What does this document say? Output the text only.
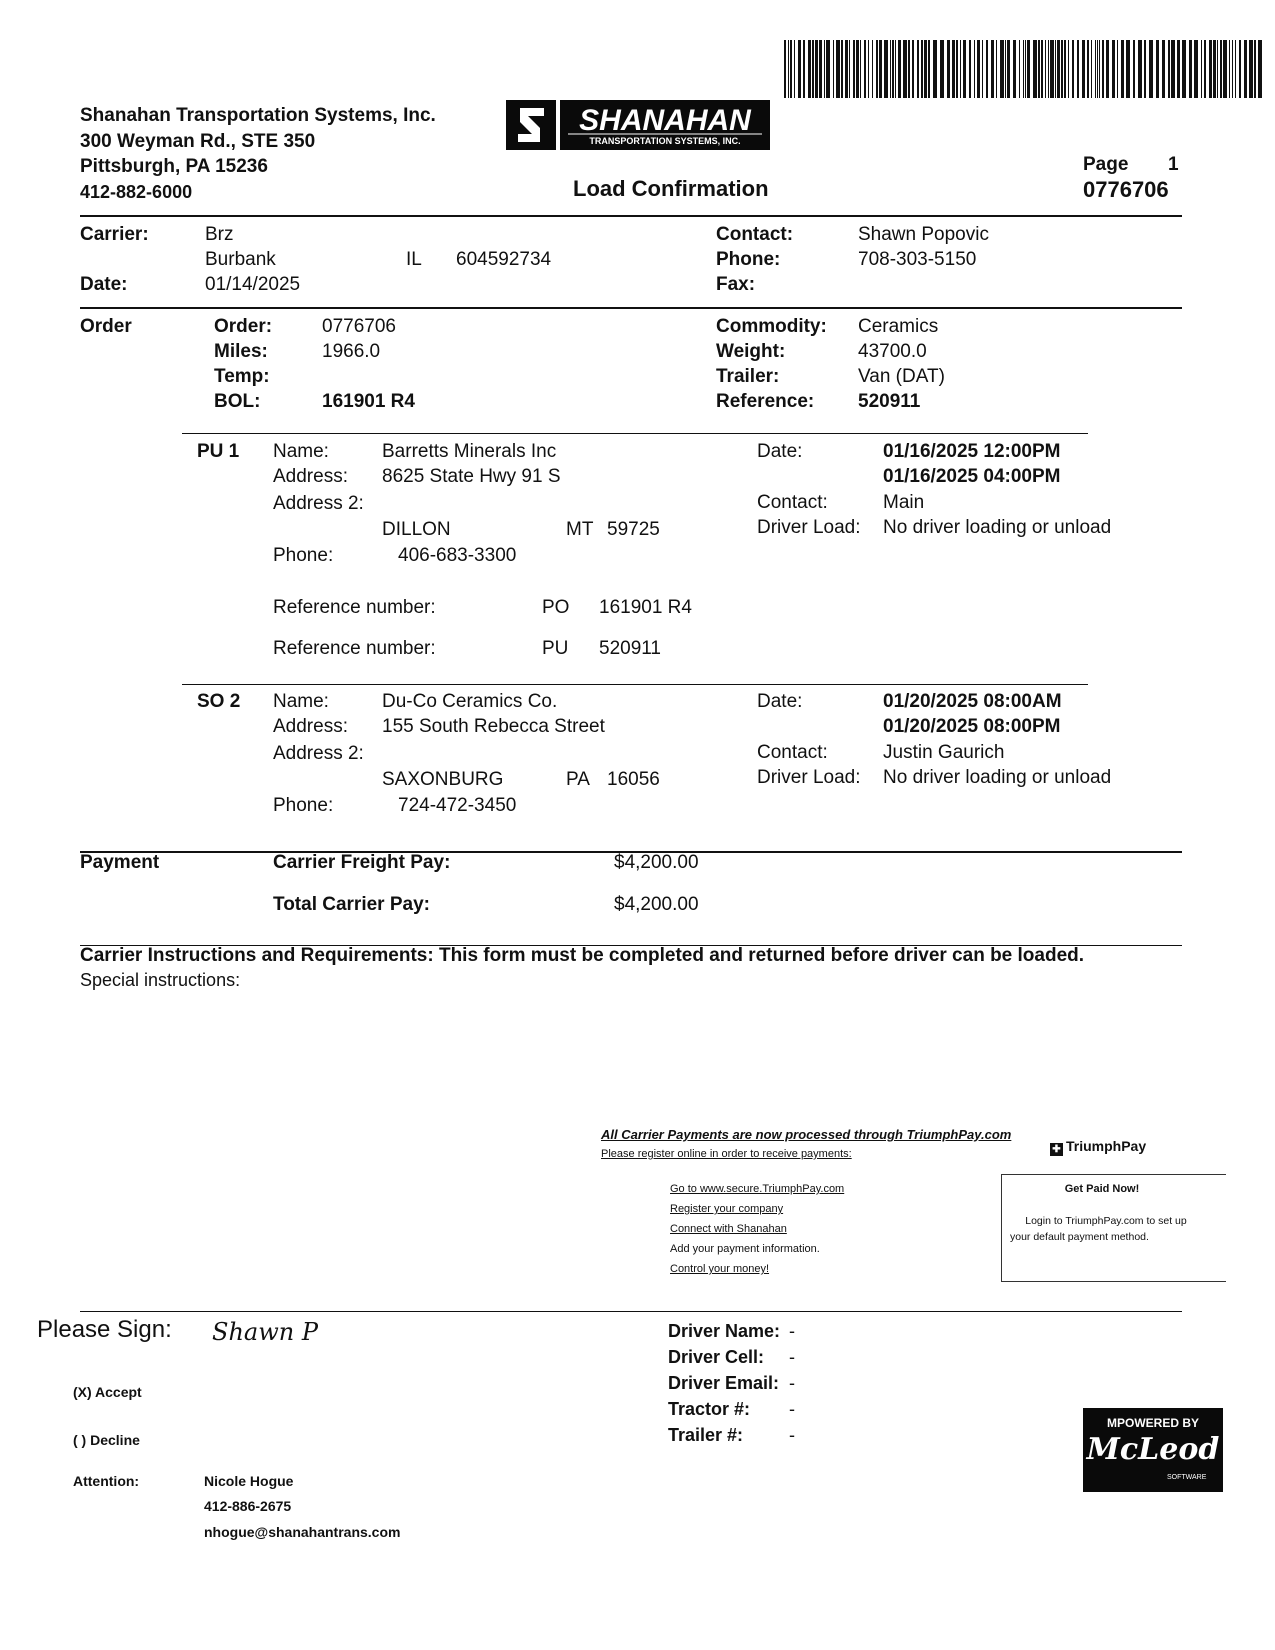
Shanahan Transportation Systems, Inc.
300 Weyman Rd., STE 350
Pittsburgh, PA 15236
412-882-6000
SHANAHAN
TRANSPORTATION SYSTEMS, INC.
Load Confirmation
Page 1
0776706
Carrier:	Brz
Burbank	IL 604592734
Date:	01/14/2025
Contact:	Shawn Popovic
Phone:	708-303-5150
Fax:
Order	Order:	0776706
Miles:	1966.0
Temp:
BOL:	161901 R4
Commodity: Ceramics
Weight:	43700.0
Trailer:	Van (DAT)
Reference: 520911
PU 1 Name:	Barretts Minerals Inc
Address: 8625 State Hwy 91 S
Address 2:
DILLON	MT 59725
Phone:	406-683-3300
Date:	01/16/2025 12:00PM
01/16/2025 04:00PM
Contact:	Main
Driver Load: No driver loading or unload
Reference number:	PO 161901 R4
Reference number:	PU 520911
SO 2 Name:	Du-Co Ceramics Co.
Address: 155 South Rebecca Street
Address 2:
SAXONBURG	PA 16056
Phone:	724-472-3450
Date:	01/20/2025 08:00AM
01/20/2025 08:00PM
Contact:	Justin Gaurich
Driver Load: No driver loading or unload
Payment	Carrier Freight Pay:	$4,200.00
Total Carrier Pay:	$4,200.00
Carrier Instructions and Requirements: This form must be completed and returned before driver can be loaded.
Special instructions:
All Carrier Payments are now processed through TriumphPay.com
Please register online in order to receive payments:
Go to www.secure.TriumphPay.com
Register your company
Connect with Shanahan
Add your payment information.
Control your money!
✚ TriumphPay
Get Paid Now!
Login to TriumphPay.com to set up
your default payment method.
Please Sign: Shawn P
(X) Accept
( ) Decline
Attention:	Nicole Hogue
412-886-2675
nhogue@shanahantrans.com
Driver Name: -
Driver Cell: -
Driver Email: -
Tractor #: -
Trailer #:	-
MPOWERED BY
McLeod
SOFTWARE
